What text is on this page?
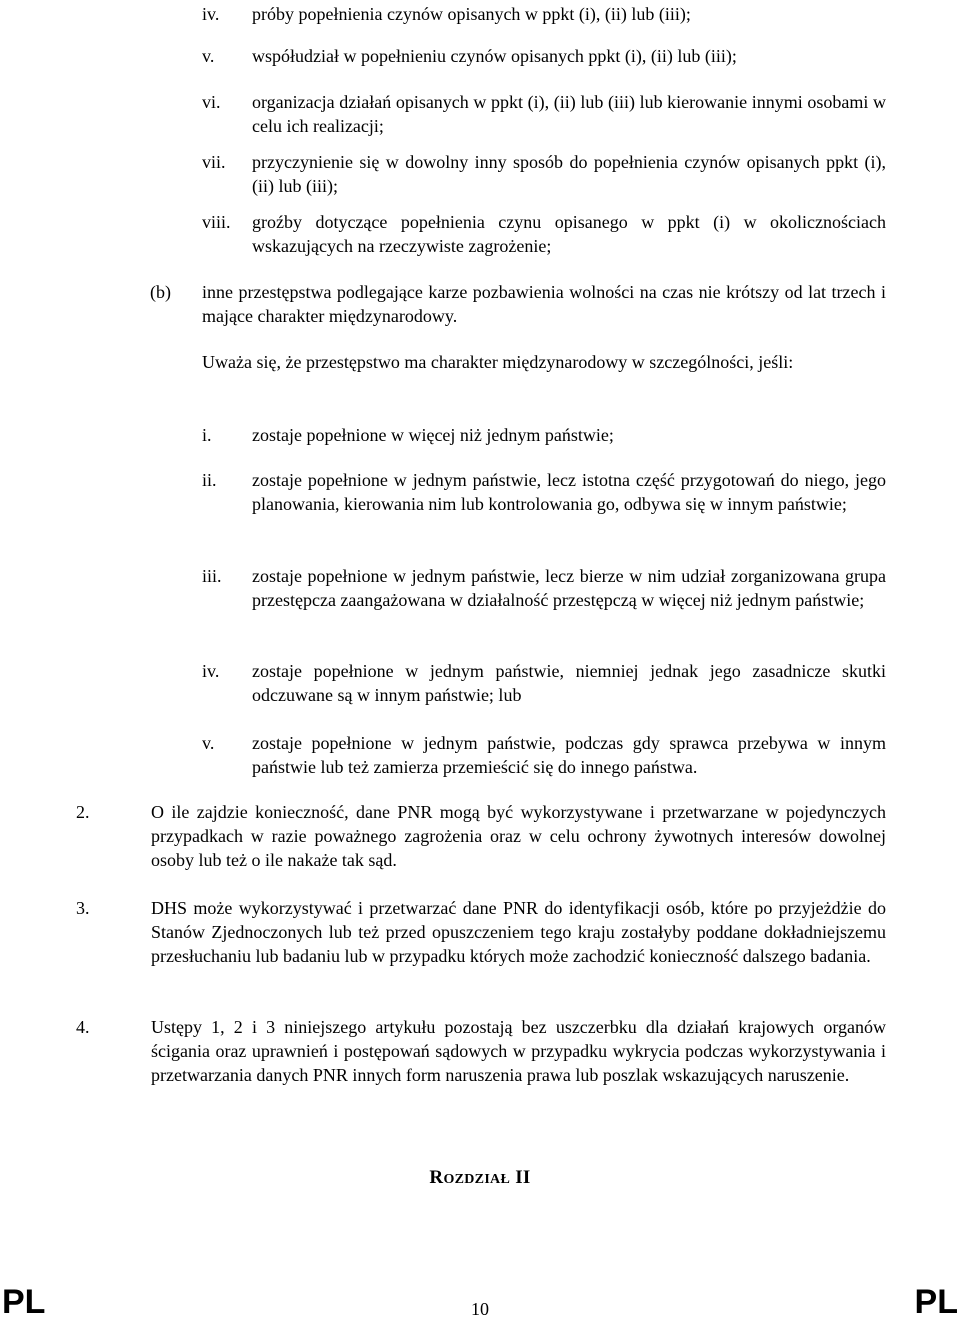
iv. próby popełnienia czynów opisanych w ppkt (i), (ii) lub (iii);
v. współudział w popełnieniu czynów opisanych ppkt (i), (ii) lub (iii);
vi. organizacja działań opisanych w ppkt (i), (ii) lub (iii) lub kierowanie innymi osobami w celu ich realizacji;
vii. przyczynienie się w dowolny inny sposób do popełnienia czynów opisanych ppkt (i), (ii) lub (iii);
viii. groźby dotyczące popełnienia czynu opisanego w ppkt (i) w okolicznościach wskazujących na rzeczywiste zagrożenie;
(b) inne przestępstwa podlegające karze pozbawienia wolności na czas nie krótszy od lat trzech i mające charakter międzynarodowy.
Uważa się, że przestępstwo ma charakter międzynarodowy w szczególności, jeśli:
i. zostaje popełnione w więcej niż jednym państwie;
ii. zostaje popełnione w jednym państwie, lecz istotna część przygotowań do niego, jego planowania, kierowania nim lub kontrolowania go, odbywa się w innym państwie;
iii. zostaje popełnione w jednym państwie, lecz bierze w nim udział zorganizowana grupa przestępcza zaangażowana w działalność przestępczą w więcej niż jednym państwie;
iv. zostaje popełnione w jednym państwie, niemniej jednak jego zasadnicze skutki odczuwane są w innym państwie; lub
v. zostaje popełnione w jednym państwie, podczas gdy sprawca przebywa w innym państwie lub też zamierza przemieścić się do innego państwa.
2.	O ile zajdzie konieczność, dane PNR mogą być wykorzystywane i przetwarzane w pojedynczych przypadkach w razie poważnego zagrożenia oraz w celu ochrony żywotnych interesów dowolnej osoby lub też o ile nakaże tak sąd.
3.	DHS może wykorzystywać i przetwarzać dane PNR do identyfikacji osób, które po przyjeżdżie do Stanów Zjednoczonych lub też przed opuszczeniem tego kraju zostałyby poddane dokładniejszemu przesłuchaniu lub badaniu lub w przypadku których może zachodzić konieczność dalszego badania.
4.	Ustępy 1, 2 i 3 niniejszego artykułu pozostają bez uszczerbku dla działań krajowych organów ścigania oraz uprawnień i postępowań sądowych w przypadku wykrycia podczas wykorzystywania i przetwarzania danych PNR innych form naruszenia prawa lub poszlak wskazujących naruszenie.
ROZDZIAŁ II
PL	10	PL
